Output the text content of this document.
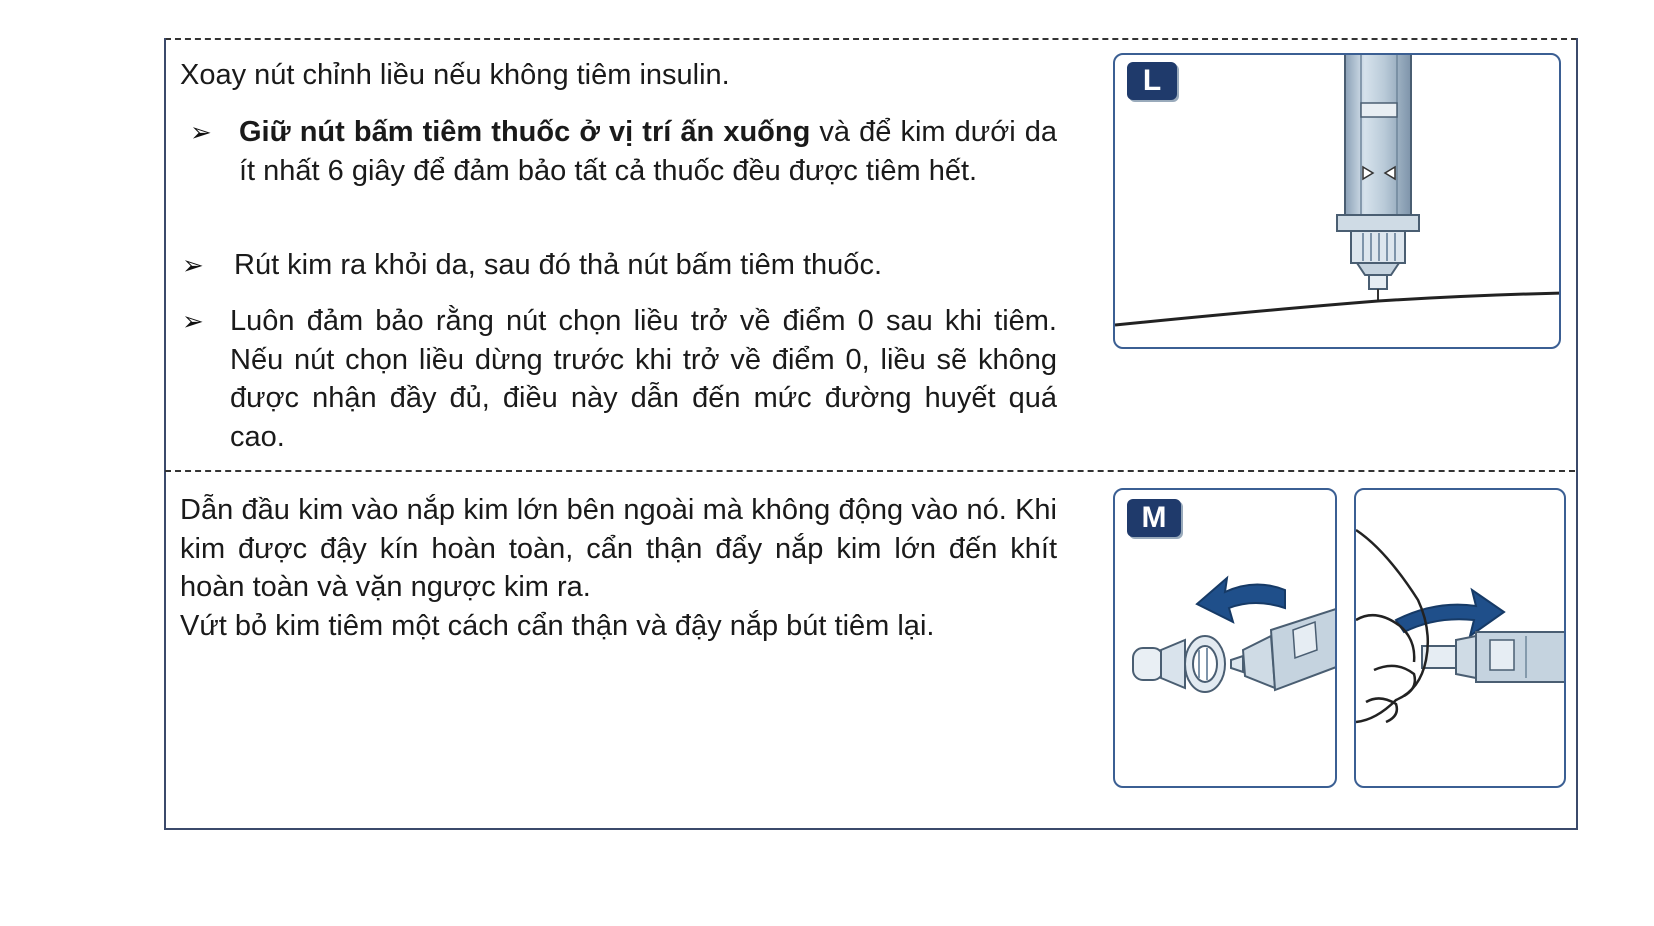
Xoay nút chỉnh liều nếu không tiêm insulin.
➢ Giữ nút bấm tiêm thuốc ở vị trí ấn xuống và để kim dưới da ít nhất 6 giây để đảm bảo tất cả thuốc đều được tiêm hết.
➢ Rút kim ra khỏi da, sau đó thả nút bấm tiêm thuốc.
➢ Luôn đảm bảo rằng nút chọn liều trở về điểm 0 sau khi tiêm. Nếu nút chọn liều dừng trước khi trở về điểm 0, liều sẽ không được nhận đầy đủ, điều này dẫn đến mức đường huyết quá cao.
Dẫn đầu kim vào nắp kim lớn bên ngoài mà không động vào nó. Khi kim được đậy kín hoàn toàn, cẩn thận đẩy nắp kim lớn đến khít hoàn toàn và vặn ngược kim ra.
Vứt bỏ kim tiêm một cách cẩn thận và đậy nắp bút tiêm lại.
L
M
